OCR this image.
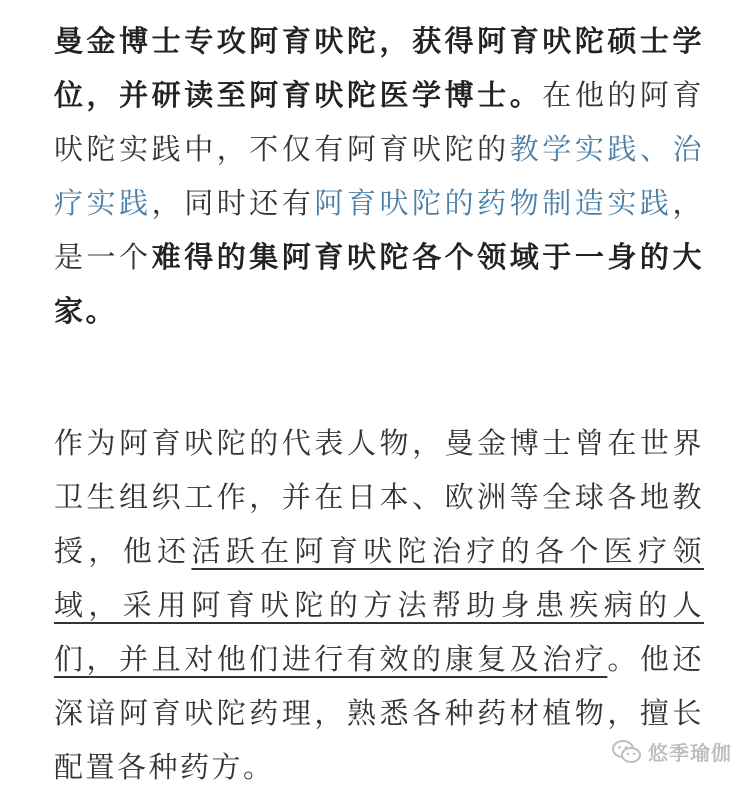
曼金博士专攻阿育吠陀，获得阿育吠陀硕士学位，并研读至阿育吠陀医学博士。在他的阿育吠陀实践中，不仅有阿育吠陀的教学实践、治疗实践，同时还有阿育吠陀的药物制造实践，是一个难得的集阿育吠陀各个领域于一身的大家。

作为阿育吠陀的代表人物，曼金博士曾在世界卫生组织工作，并在日本、欧洲等全球各地教授，他还活跃在阿育吠陀治疗的各个医疗领域，采用阿育吠陀的方法帮助身患疾病的人们，并且对他们进行有效的康复及治疗。他还深谙阿育吠陀药理，熟悉各种药材植物，擅长配置各种药方。	悠季瑜伽
